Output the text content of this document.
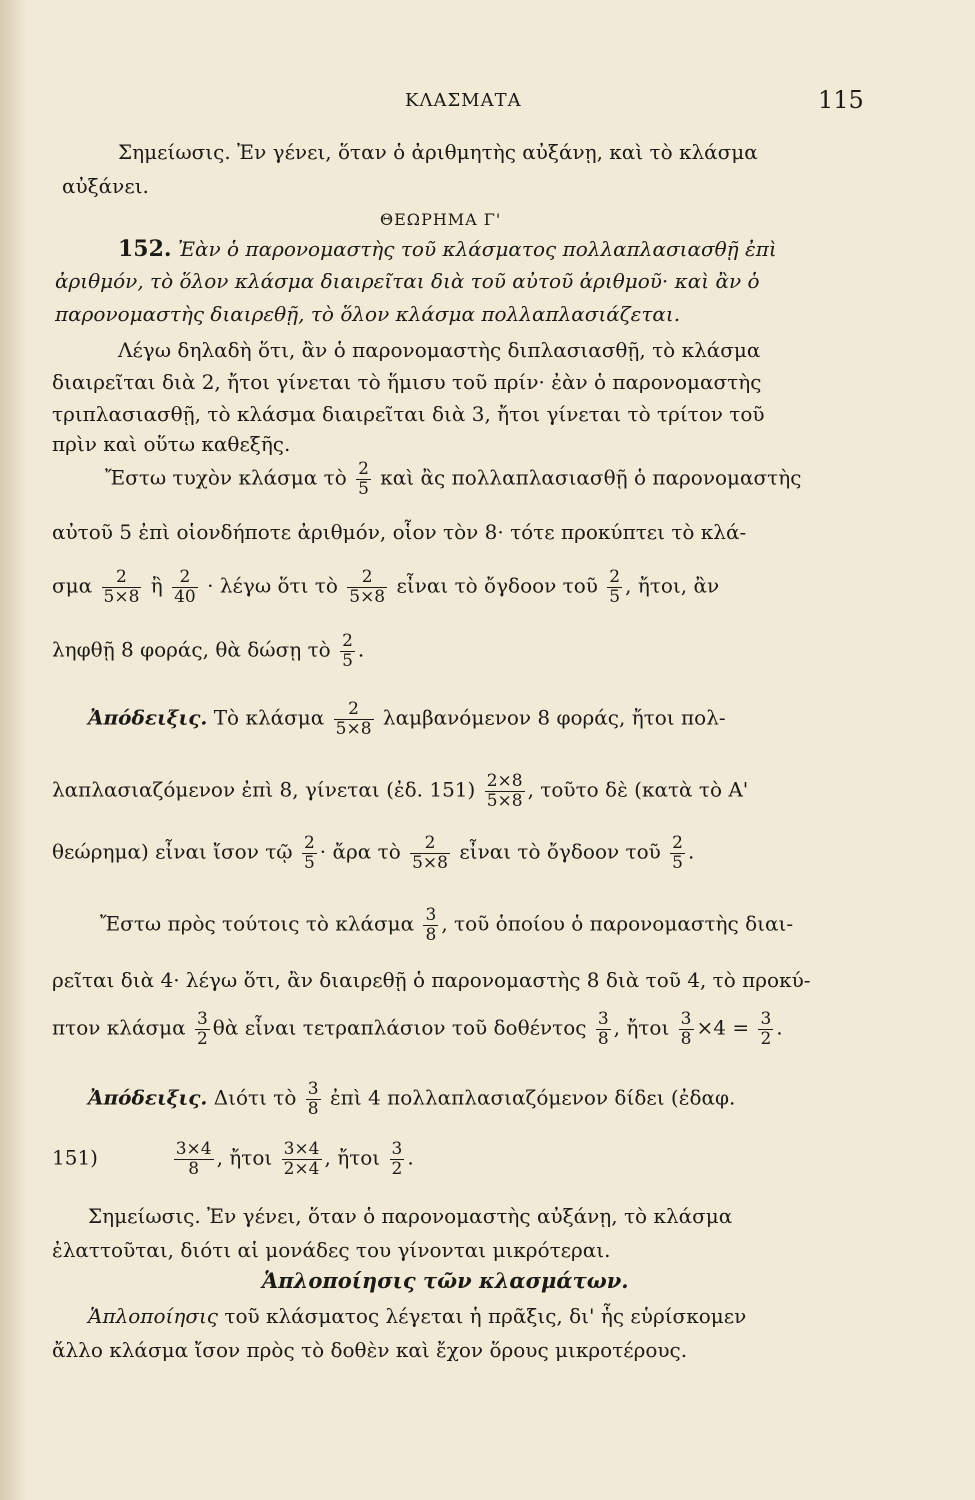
ΚΛΑΣΜΑΤΑ	115
Σημείωσις. Ἐν γένει, ὅταν ὁ ἀριθμητὴς αὐξάνῃ, καὶ τὸ κλάσμα
αὐξάνει.
ΘΕΩΡΗΜΑ Γ'
152. Ἐὰν ὁ παρονομαστὴς τοῦ κλάσματος πολλαπλασιασθῇ ἐπὶ
ἀριθμόν, τὸ ὅλον κλάσμα διαιρεῖται διὰ τοῦ αὐτοῦ ἀριθμοῦ· καὶ ἂν ὁ
παρονομαστὴς διαιρεθῇ, τὸ ὅλον κλάσμα πολλαπλασιάζεται.
Λέγω δηλαδὴ ὅτι, ἂν ὁ παρονομαστὴς διπλασιασθῇ, τὸ κλάσμα
διαιρεῖται διὰ 2, ἤτοι γίνεται τὸ ἥμισυ τοῦ πρίν· ἐὰν ὁ παρονομαστὴς
τριπλασιασθῇ, τὸ κλάσμα διαιρεῖται διὰ 3, ἤτοι γίνεται τὸ τρίτον τοῦ
πρὶν καὶ οὕτω καθεξῆς.
Ἔστω τυχὸν κλάσμα τὸ $\frac{2}{5}$ καὶ ἂς πολλαπλασιασθῇ ὁ παρονομαστὴς
αὐτοῦ 5 ἐπὶ οἱονδήποτε ἀριθμόν, οἷον τὸν 8· τότε προκύπτει τὸ κλά-
σμα $\frac{2}{5\times 8}$ ἢ $\frac{2}{40} \cdot \lambda έ\gamma\omega$ ὅτι τὸ $\frac{2}{5\times 8}$ εἶναι τὸ ὄγδοον τοῦ $\frac{2}{5}$ , ἤτοι, ἂν
ληφθῇ 8 φοράς, θὰ δώσῃ τὸ $\frac{2}{5}$ .
Ἀπόδειξις. Τὸ κλάσμα $\frac{2}{5\times 8}$ λαμβανόμενον 8 φοράς, ἤτοι πολ-
λαπλασιαζόμενον ἐπὶ 8, γίνεται (ἐδ. $151) \frac{2\times 8}{5\times 8}$ , τοῦτο δὲ (κατὰ τὸ Α'
θεώρημα) εἶναι ἴσον τῷ $\frac{2}{5}$ · ἄρα τὸ $\frac{2}{5\times 8}$ εἶναι τὸ ὄγδοον τοῦ $\frac{2}{5}$ .
Ἔστω πρὸς τούτοις τὸ κλάσμα $\frac{3}{8}$ , τοῦ ὁποίου ὁ παρονομαστὴς διαι-
ρεῖται διὰ 4· λέγω ὅτι, ἂν διαιρεθῇ ὁ παρονομαστὴς 8 διὰ τοῦ 4, τὸ προκύ-
πτον κλάσμα $\frac{3}{2}$ θὰ εἶναι τετραπλάσιον τοῦ δοθέντος $\frac{3}{8}$ , ἤτοι $\frac{3}{8} \times 4 = \frac{3}{2}$ .
Ἀπόδειξις. Διότι τὸ $\frac{3}{8}$ ἐπὶ 4 πολλαπλασιαζόμενον δίδει (ἐδαφ.
151)	$\frac{3\times 4}{8}$ , ἤτοι $\frac{3\times 4}{2\times 4}$ , ἤτοι $\frac{3}{2}$ .
Σημείωσις. Ἐν γένει, ὅταν ὁ παρονομαστὴς αὐξάνῃ, τὸ κλάσμα
ἐλαττοῦται, διότι αἱ μονάδες του γίνονται μικρότεραι.
Ἁπλοποίησις τῶν κλασμάτων.
Ἁπλοποίησις τοῦ κλάσματος λέγεται ἡ πρᾶξις, δι' ἧς εὑρίσκομεν
ἄλλο κλάσμα ἴσον πρὸς τὸ δοθὲν καὶ ἔχον ὅρους μικροτέρους.
